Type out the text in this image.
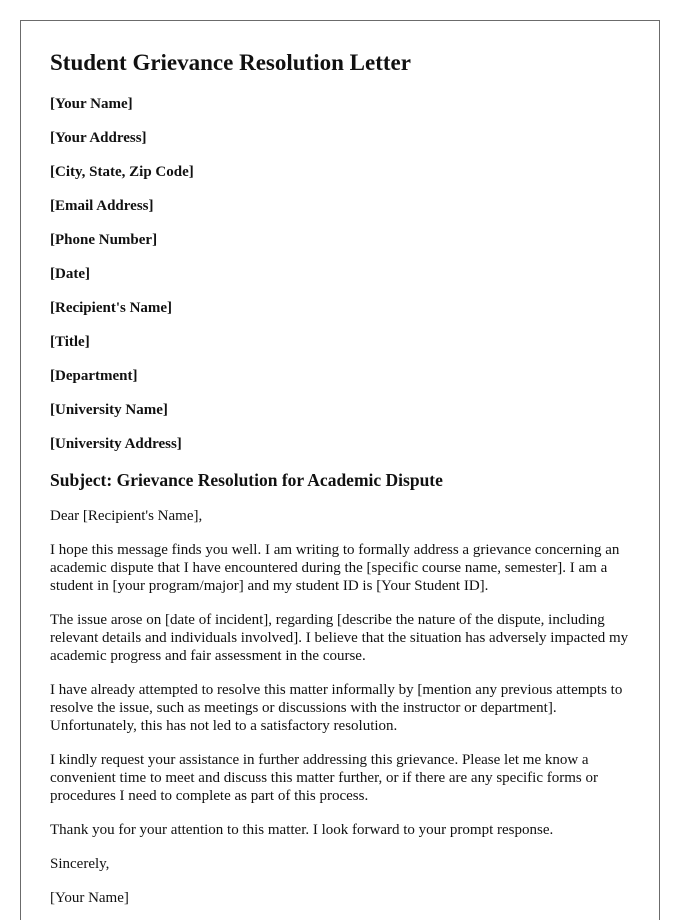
Student Grievance Resolution Letter
[Your Name]
[Your Address]
[City, State, Zip Code]
[Email Address]
[Phone Number]
[Date]
[Recipient's Name]
[Title]
[Department]
[University Name]
[University Address]
Subject: Grievance Resolution for Academic Dispute

Dear [Recipient's Name],

I hope this message finds you well. I am writing to formally address a grievance concerning an academic dispute that I have encountered during the [specific course name, semester]. I am a student in [your program/major] and my student ID is [Your Student ID].

The issue arose on [date of incident], regarding [describe the nature of the dispute, including relevant details and individuals involved]. I believe that the situation has adversely impacted my academic progress and fair assessment in the course.

I have already attempted to resolve this matter informally by [mention any previous attempts to resolve the issue, such as meetings or discussions with the instructor or department]. Unfortunately, this has not led to a satisfactory resolution.

I kindly request your assistance in further addressing this grievance. Please let me know a convenient time to meet and discuss this matter further, or if there are any specific forms or procedures I need to complete as part of this process.

Thank you for your attention to this matter. I look forward to your prompt response.

Sincerely,

[Your Name]
